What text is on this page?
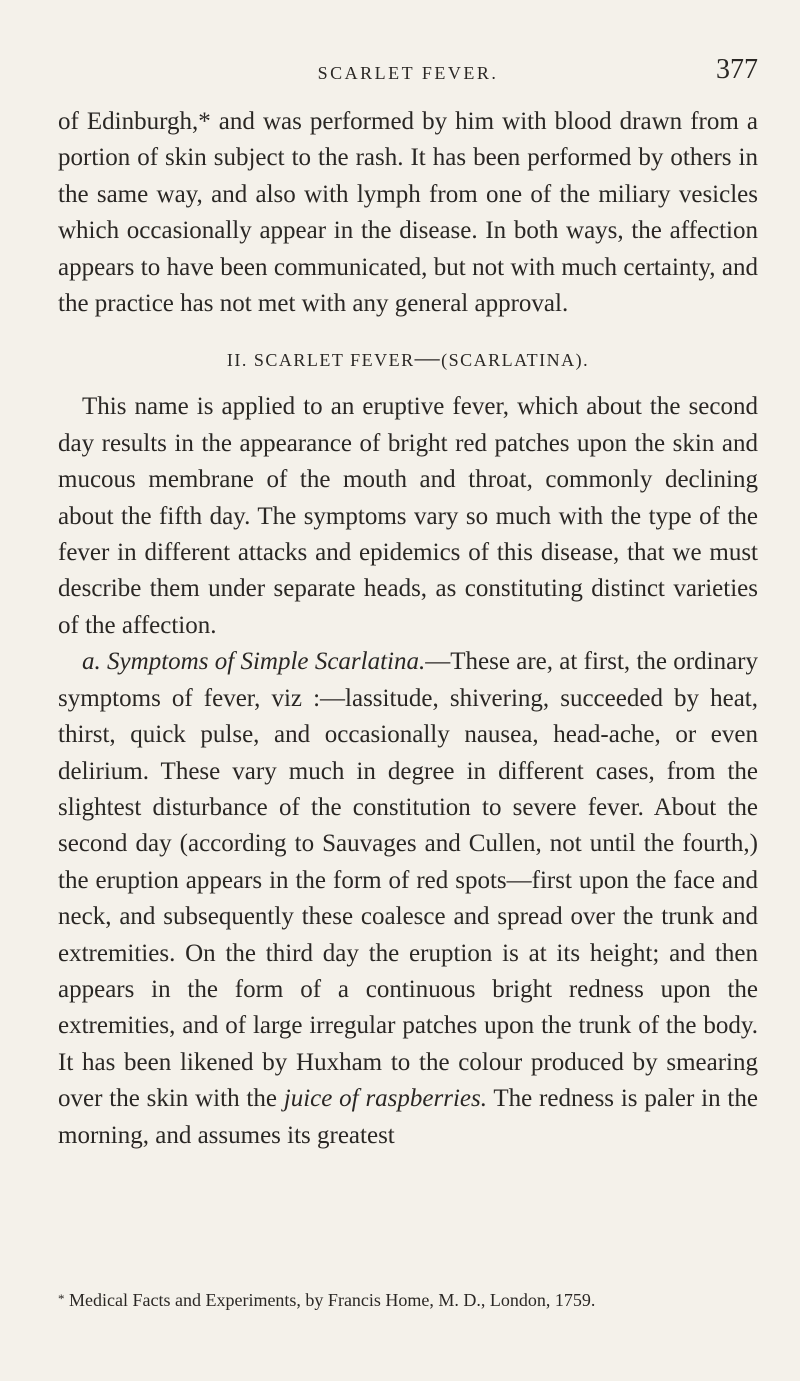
SCARLET FEVER.	377

of Edinburgh,* and was performed by him with blood drawn from a portion of skin subject to the rash. It has been performed by others in the same way, and also with lymph from one of the miliary vesicles which occasionally appear in the disease. In both ways, the affection appears to have been communicated, but not with much certainty, and the practice has not met with any general approval.

II. SCARLET FEVER—(SCARLATINA).

This name is applied to an eruptive fever, which about the second day results in the appearance of bright red patches upon the skin and mucous membrane of the mouth and throat, commonly declining about the fifth day. The symptoms vary so much with the type of the fever in different attacks and epidemics of this disease, that we must describe them under separate heads, as constituting distinct varieties of the affection.

a. Symptoms of Simple Scarlatina.—These are, at first, the ordinary symptoms of fever, viz :—lassitude, shivering, succeeded by heat, thirst, quick pulse, and occasionally nausea, head-ache, or even delirium. These vary much in degree in different cases, from the slightest disturbance of the constitution to severe fever. About the second day (according to Sauvages and Cullen, not until the fourth,) the eruption appears in the form of red spots—first upon the face and neck, and subsequently these coalesce and spread over the trunk and extremities. On the third day the eruption is at its height; and then appears in the form of a continuous bright redness upon the extremities, and of large irregular patches upon the trunk of the body. It has been likened by Huxham to the colour produced by smearing over the skin with the juice of raspberries. The redness is paler in the morning, and assumes its greatest

* Medical Facts and Experiments, by Francis Home, M. D., London, 1759.
